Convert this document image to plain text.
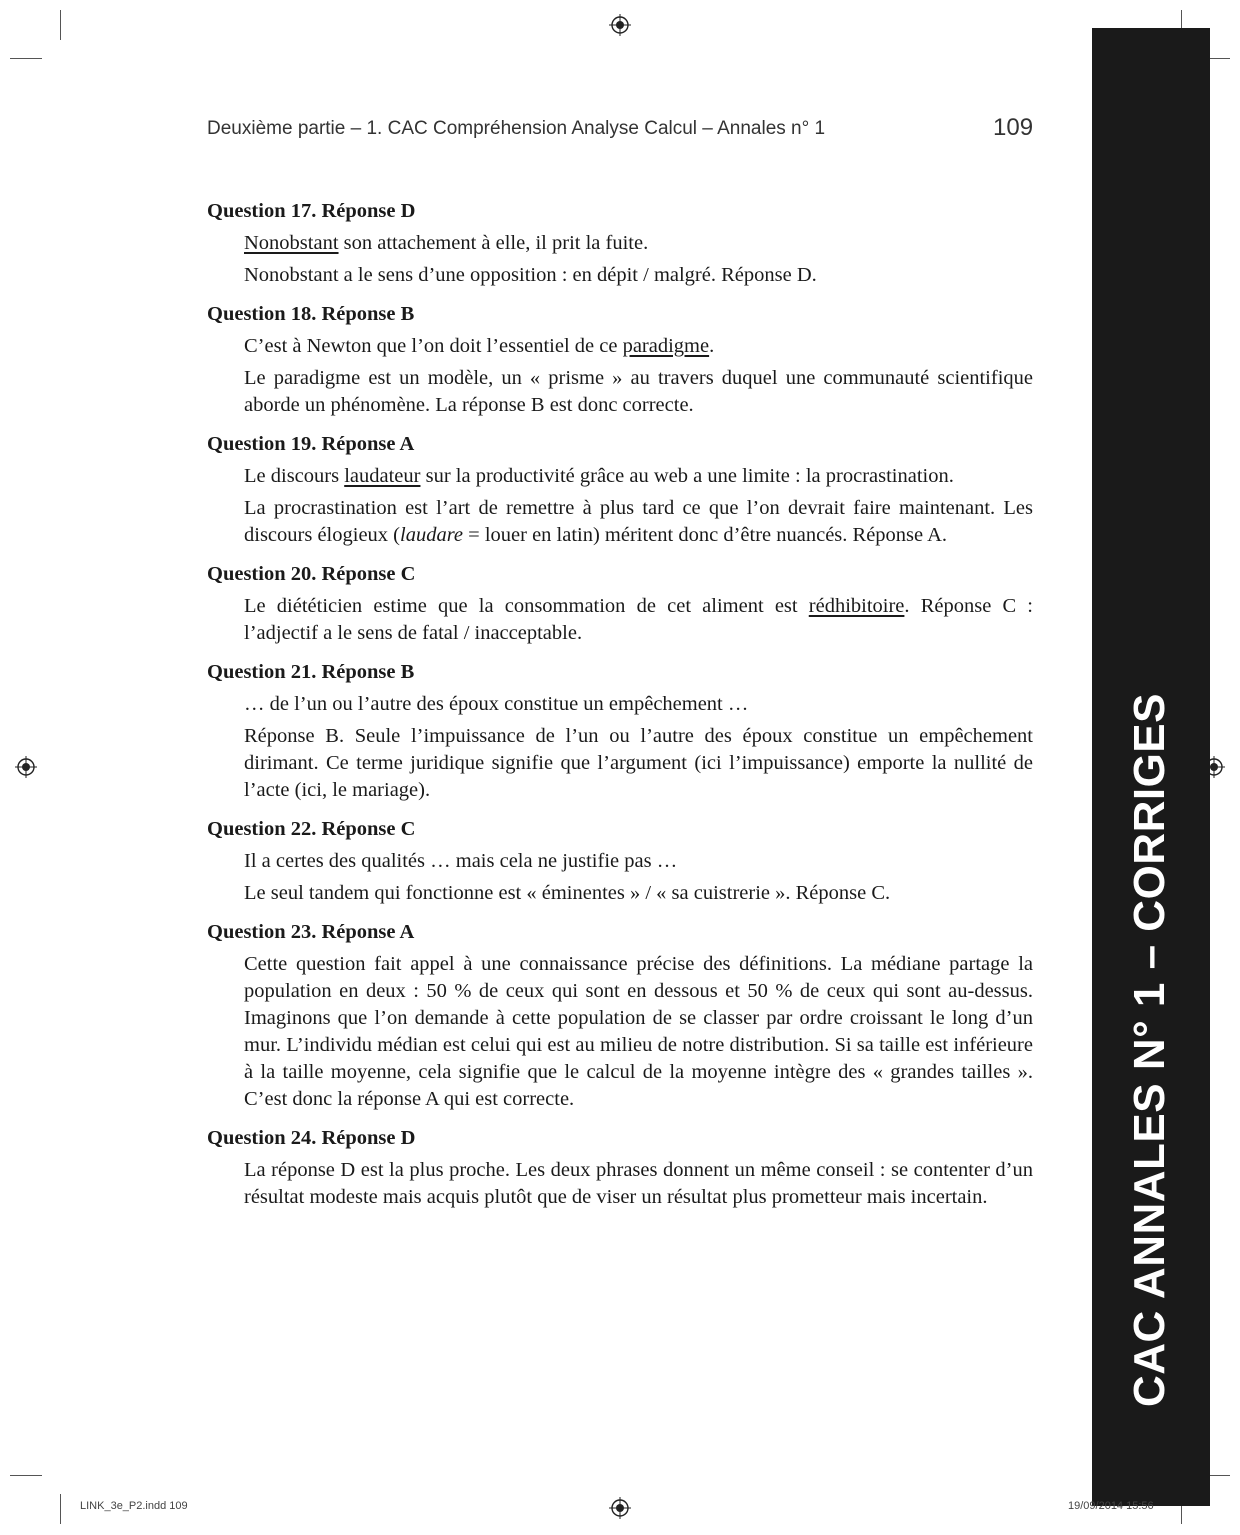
Deuxième partie – 1. CAC Compréhension Analyse Calcul – Annales n° 1	109
CAC ANNALES N° 1 – CORRIGES

Question 17. Réponse D

Nonobstant son attachement à elle, il prit la fuite.

Nonobstant a le sens d’une opposition : en dépit / malgré. Réponse D.

Question 18. Réponse B

C’est à Newton que l’on doit l’essentiel de ce paradigme.

Le paradigme est un modèle, un « prisme » au travers duquel une communauté scientifique aborde un phénomène. La réponse B est donc correcte.

Question 19. Réponse A

Le discours laudateur sur la productivité grâce au web a une limite : la procrastination.

La procrastination est l’art de remettre à plus tard ce que l’on devrait faire maintenant. Les discours élogieux (laudare = louer en latin) méritent donc d’être nuancés. Réponse A.

Question 20. Réponse C

Le diététicien estime que la consommation de cet aliment est rédhibitoire. Réponse C : l’adjectif a le sens de fatal / inacceptable.

Question 21. Réponse B

… de l’un ou l’autre des époux constitue un empêchement …

Réponse B. Seule l’impuissance de l’un ou l’autre des époux constitue un empêchement dirimant. Ce terme juridique signifie que l’argument (ici l’impuissance) emporte la nullité de l’acte (ici, le mariage).

Question 22. Réponse C

Il a certes des qualités … mais cela ne justifie pas …

Le seul tandem qui fonctionne est « éminentes » / « sa cuistrerie ». Réponse C.

Question 23. Réponse A

Cette question fait appel à une connaissance précise des définitions. La médiane partage la population en deux : 50 % de ceux qui sont en dessous et 50 % de ceux qui sont au-dessus. Imaginons que l’on demande à cette population de se classer par ordre croissant le long d’un mur. L’individu médian est celui qui est au milieu de notre distribution. Si sa taille est inférieure à la taille moyenne, cela signifie que le calcul de la moyenne intègre des « grandes tailles ». C’est donc la réponse A qui est correcte.

Question 24. Réponse D

La réponse D est la plus proche. Les deux phrases donnent un même conseil : se contenter d’un résultat modeste mais acquis plutôt que de viser un résultat plus prometteur mais incertain.

LINK_3e_P2.indd 109	19/09/2014 15:56
